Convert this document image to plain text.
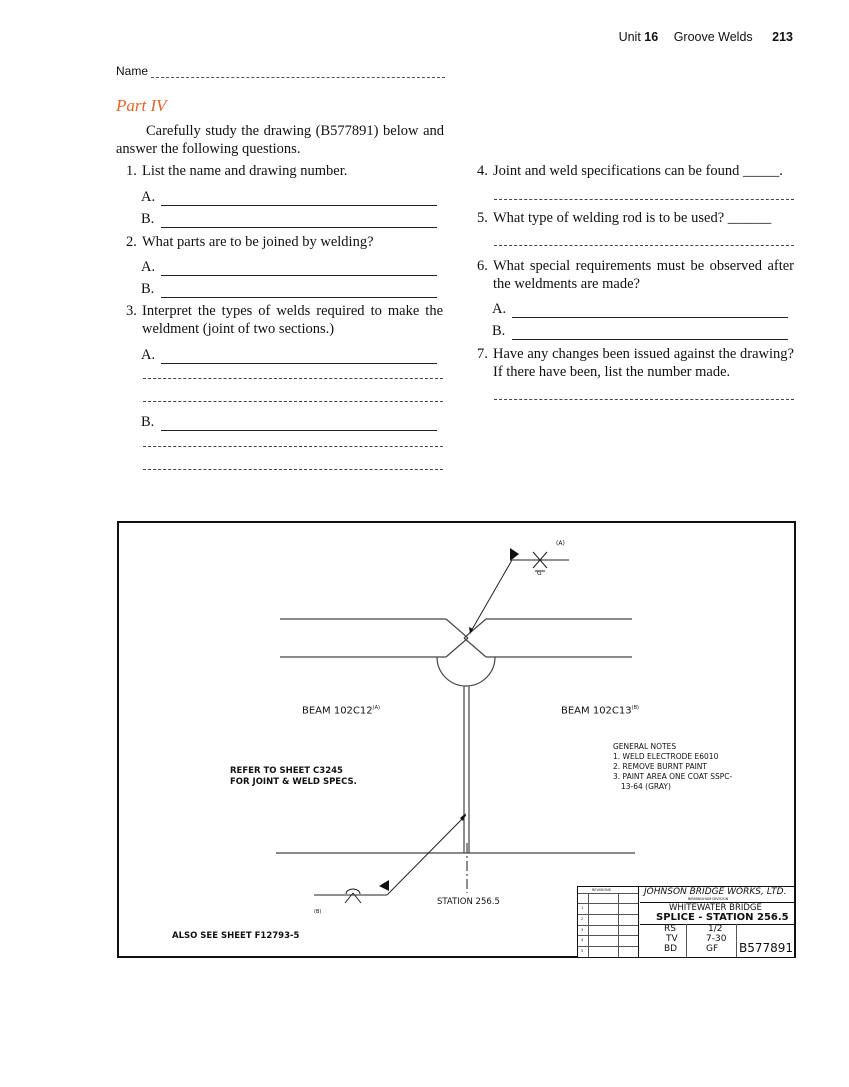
Unit 16 Groove Welds 213
Name
Part IV
Carefully study the drawing (B577891) below and answer the following questions.
1. List the name and drawing number.
A.
B.
2. What parts are to be joined by welding?
A.
B.
3. Interpret the types of welds required to make the weldment (joint of two sections.)
A.
B.
4. Joint and weld specifications can be found _____.
5. What type of welding rod is to be used? ______
6. What special requirements must be observed after the weldments are made?
A.
B.
7. Have any changes been issued against the drawing? If there have been, list the number made.
(A)
G
BEAM $102C12^{(A)}$	BEAM $102C13^{(B)}$
REFER TO SHEET C3245
FOR JOINT & WELD SPECS.
GENERAL NOTES
1. WELD ELECTRODE E6010
2. REMOVE BURNT PAINT
3. PAINT AREA ONE COAT SSPC-
13-64 (GRAY)
STATION 256.5
(B)
ALSO SEE SHEET F12793-5
REVISIONS
1
2
3
4
5
JOHNSON BRIDGE WORKS, LTD.
BIRMINGHAM DIVISION
WHITEWATER BRIDGE
SPLICE - STATION 256.5
RS
TV
BD
1/2
7-30
GF B577891
